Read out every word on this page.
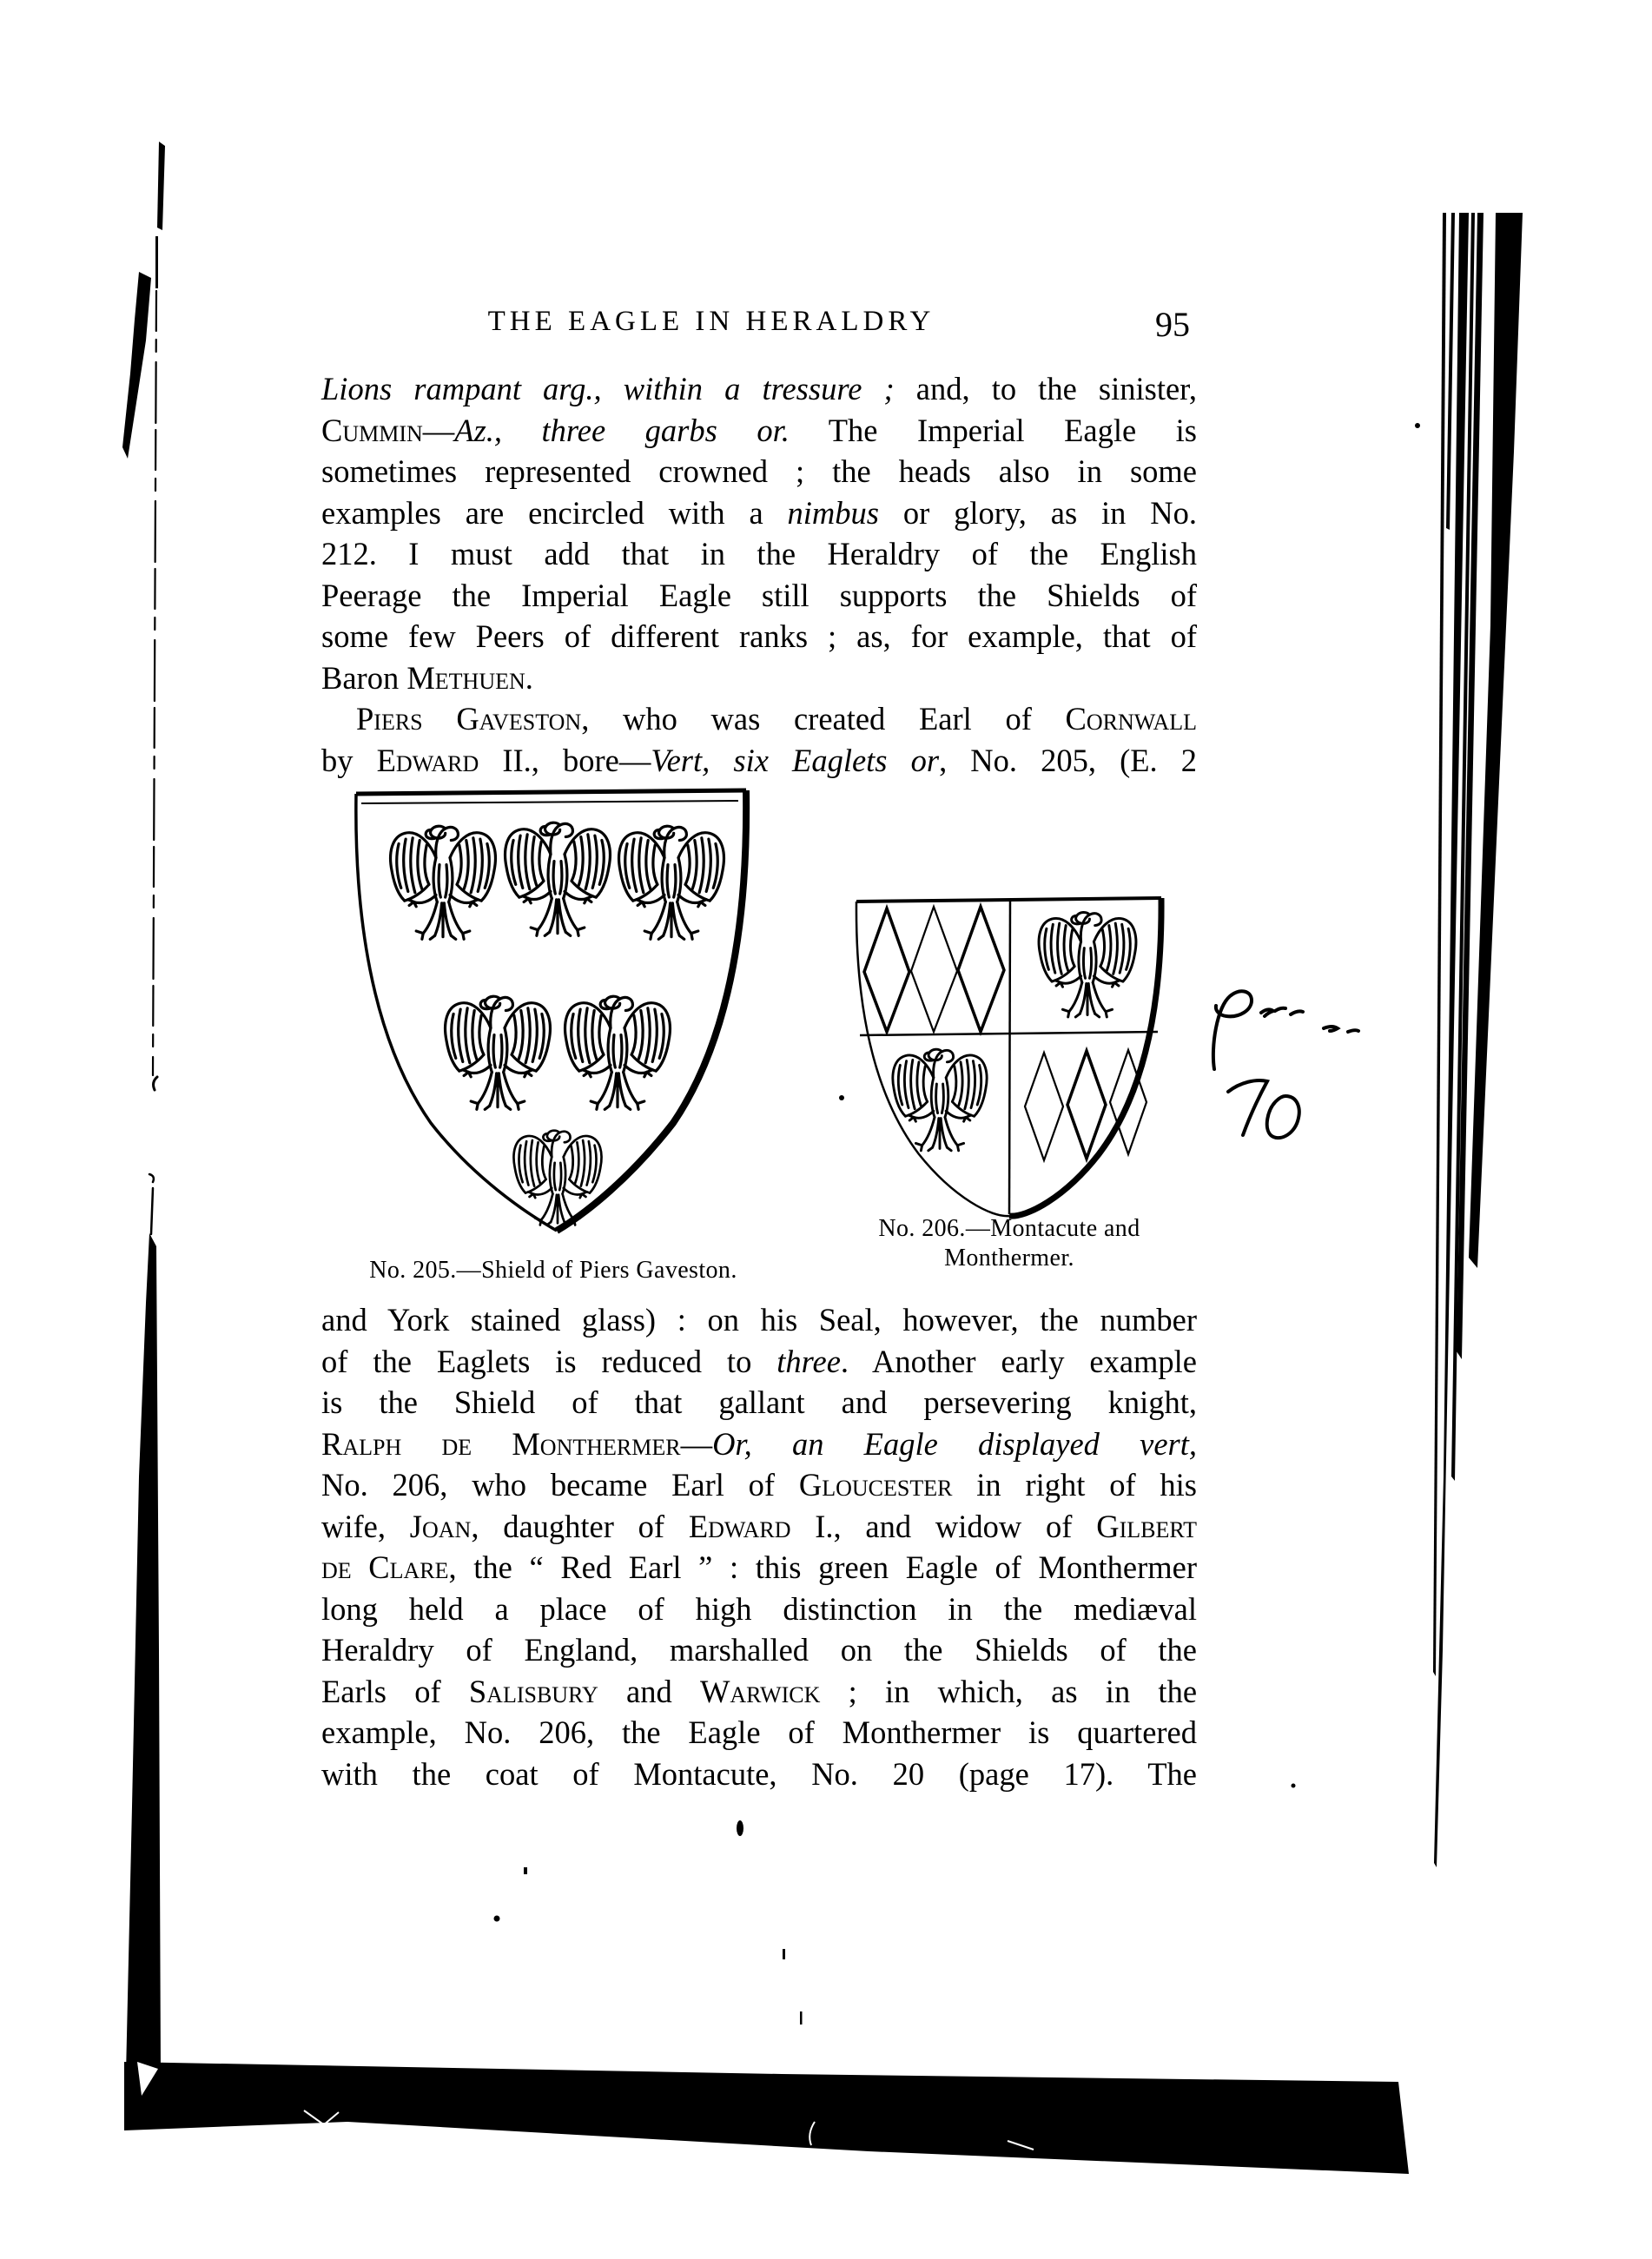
THE EAGLE IN HERALDRY	95
Lions rampant arg., within a tressure ; and, to the sinister,
Cummin—Az., three garbs or. The Imperial Eagle is
sometimes represented crowned ; the heads also in some
examples are encircled with a nimbus or glory, as in No.
212. I must add that in the Heraldry of the English
Peerage the Imperial Eagle still supports the Shields of
some few Peers of different ranks ; as, for example, that of
Baron Methuen.
Piers Gaveston, who was created Earl of Cornwall
by Edward II., bore—Vert, six Eaglets or, No. 205, (E. 2
No. 205.—Shield of Piers Gaveston.
No. 206.—Montacute and
Monthermer.
and York stained glass) : on his Seal, however, the number
of the Eaglets is reduced to three. Another early example
is the Shield of that gallant and persevering knight,
Ralph de Monthermer—Or, an Eagle displayed vert,
No. 206, who became Earl of Gloucester in right of his
wife, Joan, daughter of Edward I., and widow of Gilbert
de Clare, the “ Red Earl ” : this green Eagle of Monthermer
long held a place of high distinction in the mediæval
Heraldry of England, marshalled on the Shields of the
Earls of Salisbury and Warwick ; in which, as in the
example, No. 206, the Eagle of Monthermer is quartered
with the coat of Montacute, No. 20 (page 17). The
